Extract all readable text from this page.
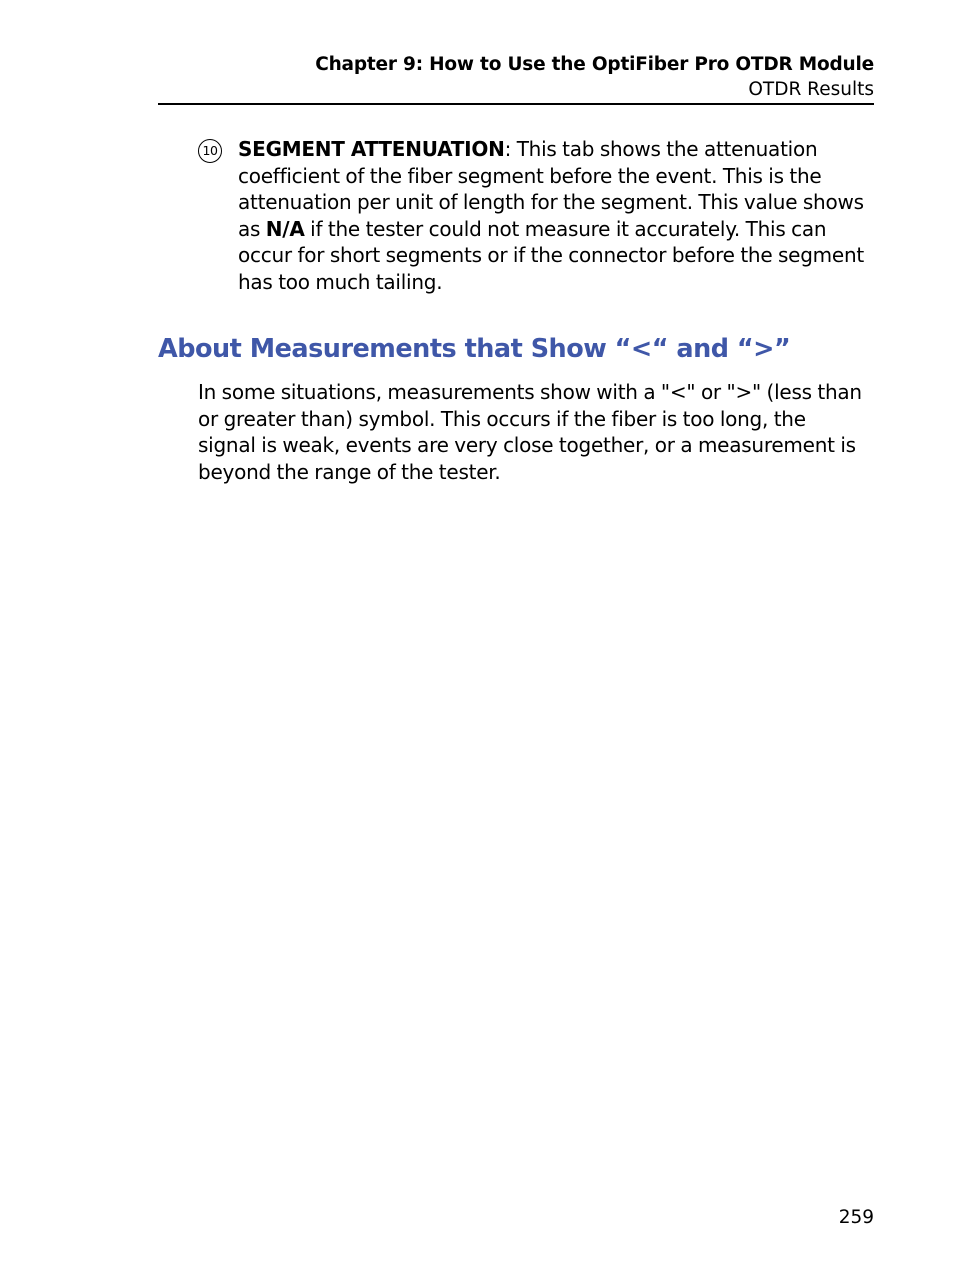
Chapter 9: How to Use the OptiFiber Pro OTDR Module
OTDR Results
10 SEGMENT ATTENUATION: This tab shows the attenuation coefficient of the fiber segment before the event. This is the attenuation per unit of length for the segment. This value shows as N/A if the tester could not measure it accurately. This can occur for short segments or if the connector before the segment has too much tailing.
About Measurements that Show “<“ and “>”
In some situations, measurements show with a "<" or ">" (less than or greater than) symbol. This occurs if the fiber is too long, the signal is weak, events are very close together, or a measurement is beyond the range of the tester.
259
